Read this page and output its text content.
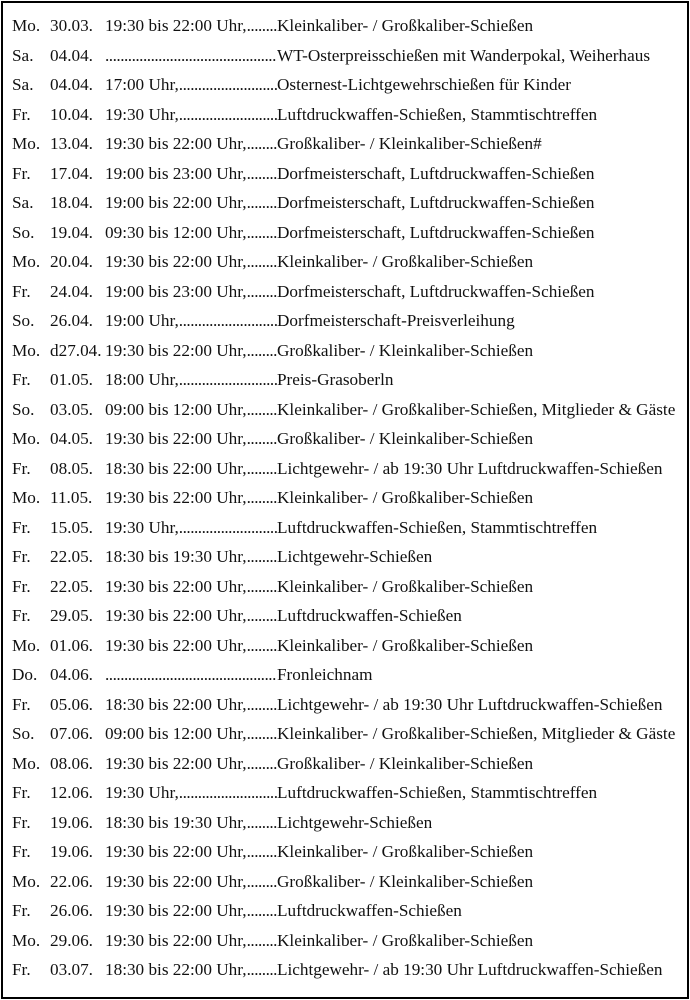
Mo. 30.03. 19:30 bis 22:00 Uhr, ..... Kleinkaliber- / Großkaliber-Schießen
Sa. 04.04. .....	WT-Osterpreisschießen mit Wanderpokal, Weiherhaus
Sa. 04.04. 17:00 Uhr, .....	Osternest-Lichtgewehrschießen für Kinder
Fr.	10.04. 19:30 Uhr, .....	Luftdruckwaffen-Schießen, Stammtischtreffen
Mo. 13.04. 19:30 bis 22:00 Uhr, ..... Großkaliber- / Kleinkaliber-Schießen#
Fr.	17.04. 19:00 bis 23:00 Uhr, ..... Dorfmeisterschaft, Luftdruckwaffen-Schießen
Sa. 18.04. 19:00 bis 22:00 Uhr, ..... Dorfmeisterschaft, Luftdruckwaffen-Schießen
So. 19.04. 09:30 bis 12:00 Uhr, ..... Dorfmeisterschaft, Luftdruckwaffen-Schießen
Mo. 20.04. 19:30 bis 22:00 Uhr, ..... Kleinkaliber- / Großkaliber-Schießen
Fr.	24.04. 19:00 bis 23:00 Uhr, ..... Dorfmeisterschaft, Luftdruckwaffen-Schießen
So. 26.04. 19:00 Uhr, .....	Dorfmeisterschaft-Preisverleihung
Mo. d27.04. 19:30 bis 22:00 Uhr, ..... Großkaliber- / Kleinkaliber-Schießen
Fr.	01.05. 18:00 Uhr, .....	Preis-Grasoberln
So. 03.05. 09:00 bis 12:00 Uhr, ..... Kleinkaliber- / Großkaliber-Schießen, Mitglieder & Gäste
Mo. 04.05. 19:30 bis 22:00 Uhr, ..... Großkaliber- / Kleinkaliber-Schießen
Fr.	08.05. 18:30 bis 22:00 Uhr, ..... Lichtgewehr- / ab 19:30 Uhr Luftdruckwaffen-Schießen
Mo. 11.05. 19:30 bis 22:00 Uhr, ..... Kleinkaliber- / Großkaliber-Schießen
Fr.	15.05. 19:30 Uhr, .....	Luftdruckwaffen-Schießen, Stammtischtreffen
Fr.	22.05. 18:30 bis 19:30 Uhr, ..... Lichtgewehr-Schießen
Fr.	22.05. 19:30 bis 22:00 Uhr, ..... Kleinkaliber- / Großkaliber-Schießen
Fr.	29.05. 19:30 bis 22:00 Uhr, ..... Luftdruckwaffen-Schießen
Mo. 01.06. 19:30 bis 22:00 Uhr, ..... Kleinkaliber- / Großkaliber-Schießen
Do. 04.06. .....	Fronleichnam
Fr.	05.06. 18:30 bis 22:00 Uhr, ..... Lichtgewehr- / ab 19:30 Uhr Luftdruckwaffen-Schießen
So. 07.06. 09:00 bis 12:00 Uhr, ..... Kleinkaliber- / Großkaliber-Schießen, Mitglieder & Gäste
Mo. 08.06. 19:30 bis 22:00 Uhr, ..... Großkaliber- / Kleinkaliber-Schießen
Fr.	12.06. 19:30 Uhr, .....	Luftdruckwaffen-Schießen, Stammtischtreffen
Fr.	19.06. 18:30 bis 19:30 Uhr, ..... Lichtgewehr-Schießen
Fr.	19.06. 19:30 bis 22:00 Uhr, ..... Kleinkaliber- / Großkaliber-Schießen
Mo. 22.06. 19:30 bis 22:00 Uhr, ..... Großkaliber- / Kleinkaliber-Schießen
Fr.	26.06. 19:30 bis 22:00 Uhr, ..... Luftdruckwaffen-Schießen
Mo. 29.06. 19:30 bis 22:00 Uhr, ..... Kleinkaliber- / Großkaliber-Schießen
Fr.	03.07. 18:30 bis 22:00 Uhr, ..... Lichtgewehr- / ab 19:30 Uhr Luftdruckwaffen-Schießen
